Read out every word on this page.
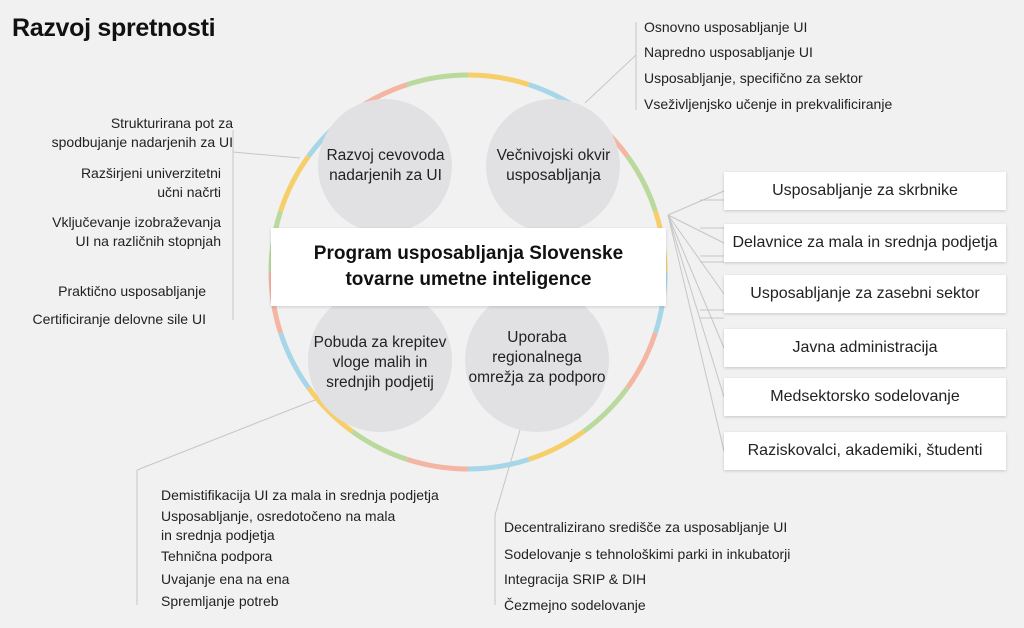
Razvoj spretnosti
Razvoj cevovoda
nadarjenih za UI
Večnivojski okvir
usposabljanja
Pobuda za krepitev
vloge malih in
srednjih podjetij
Uporaba
regionalnega
omrežja za podporo
Program usposabljanja Slovenske
tovarne umetne inteligence
Strukturirana pot za
spodbujanje nadarjenih za UI
Razširjeni univerzitetni
učni načrti
Vključevanje izobraževanja
UI na različnih stopnjah
Praktično usposabljanje
Certificiranje delovne sile UI
Osnovno usposabljanje UI
Napredno usposabljanje UI
Usposabljanje, specifično za sektor
Vseživljenjsko učenje in prekvalificiranje
Usposabljanje za skrbnike
Delavnice za mala in srednja podjetja
Usposabljanje za zasebni sektor
Javna administracija
Medsektorsko sodelovanje
Raziskovalci, akademiki, študenti
Demistifikacija UI za mala in srednja podjetja
Usposabljanje, osredotočeno na mala
in srednja podjetja
Tehnična podpora
Uvajanje ena na ena
Spremljanje potreb
Decentralizirano središče za usposabljanje UI
Sodelovanje s tehnološkimi parki in inkubatorji
Integracija SRIP & DIH
Čezmejno sodelovanje
